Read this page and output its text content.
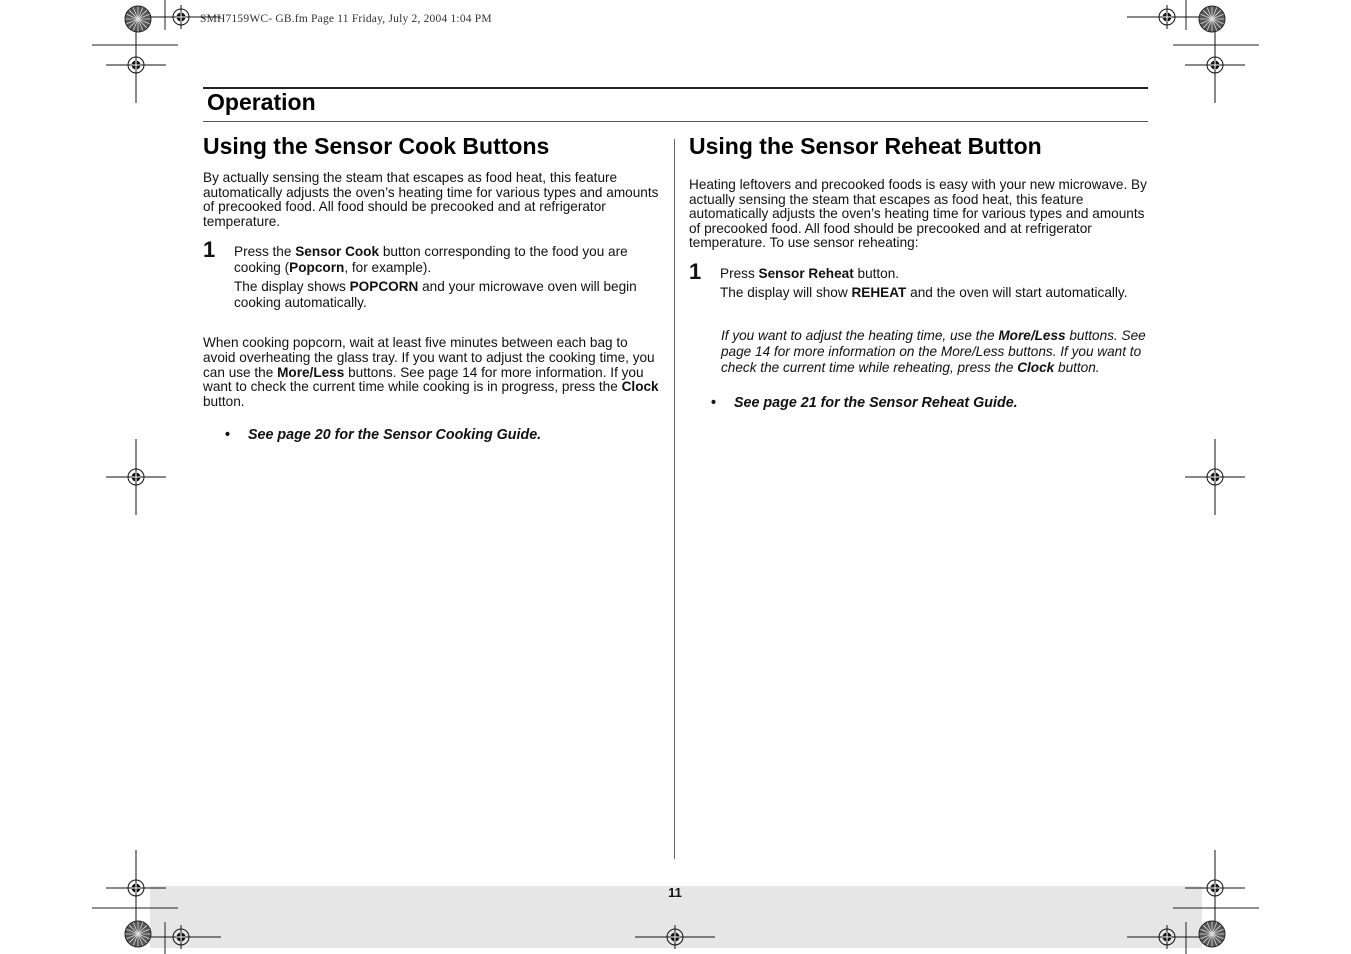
SMH7159WC- GB.fm Page 11 Friday, July 2, 2004 1:04 PM
Operation
Using the Sensor Cook Buttons

By actually sensing the steam that escapes as food heat, this feature automatically adjusts the oven’s heating time for various types and amounts of precooked food. All food should be precooked and at refrigerator temperature.

1 Press the Sensor Cook button corresponding to the food you are cooking (Popcorn, for example).

The display shows POPCORN and your microwave oven will begin cooking automatically.

When cooking popcorn, wait at least five minutes between each bag to avoid overheating the glass tray. If you want to adjust the cooking time, you can use the More/Less buttons. See page 14 for more information. If you want to check the current time while cooking is in progress, press the Clock button.

• See page 20 for the Sensor Cooking Guide.

Using the Sensor Reheat Button

Heating leftovers and precooked foods is easy with your new microwave. By actually sensing the steam that escapes as food heat, this feature automatically adjusts the oven’s heating time for various types and amounts of precooked food. All food should be precooked and at refrigerator temperature. To use sensor reheating:

1 Press Sensor Reheat button.

The display will show REHEAT and the oven will start automatically.

If you want to adjust the heating time, use the More/Less buttons. See page 14 for more information on the More/Less buttons. If you want to check the current time while reheating, press the Clock button.

• See page 21 for the Sensor Reheat Guide.

11
